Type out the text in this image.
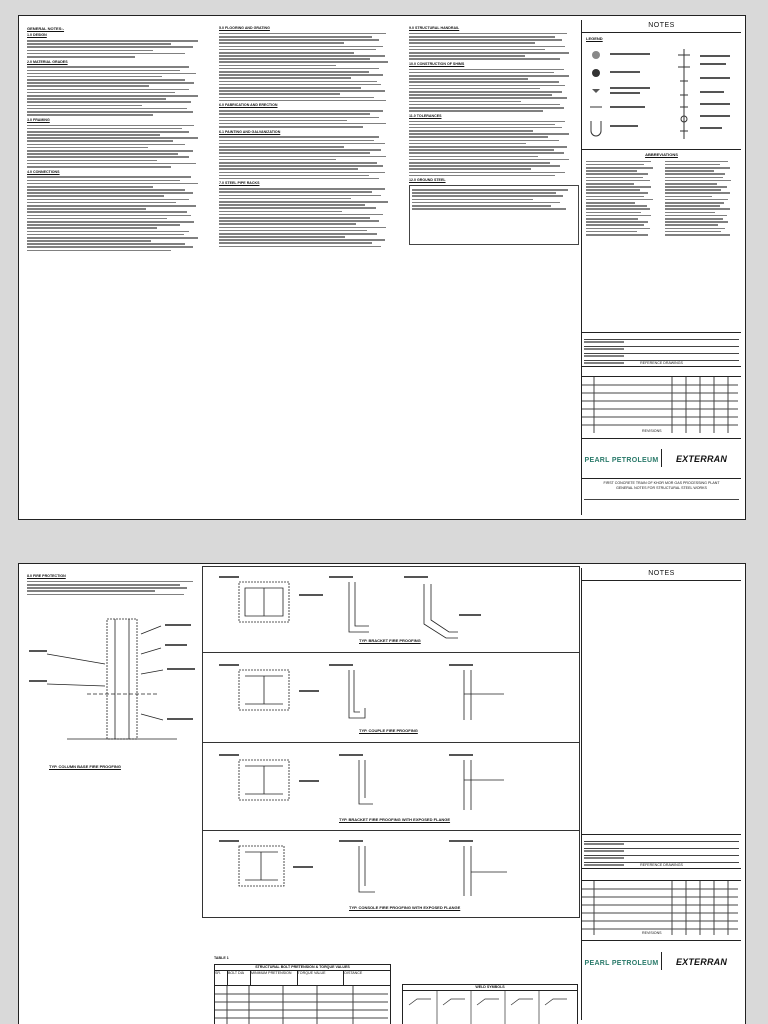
GENERAL NOTES:-
1.0 DESIGN
2.0 MATERIAL GRADES
3.0 FRAMING
4.0 CONNECTIONS
5.0 FLOORING AND GRATING
6.0 FABRICATION AND ERECTION
6.1 PAINTING AND GALVANIZATION
7.0 STEEL PIPE RACKS
9.0 STRUCTURAL HANDRAIL
10.0 CONSTRUCTION OF SHIMS
11.0 TOLERANCES
12.0 GROUND STEEL
NOTES
LEGEND
ABBREVIATIONS
REFERENCE DRAWINGS
REVISIONS
PEARL PETROLEUM	EXTERRAN
FIRST CONCRETE TRAIN OF KHOR MOR GAS PROCESSING PLANT
GENERAL NOTES FOR STRUCTURAL STEEL WORKS
8.0 FIRE PROTECTION
TYP. COLUMN BASE FIRE PROOFING
TYP. BRACKET FIRE PROOFING
TYP. COUPLE FIRE PROOFING
TYP. BRACKET FIRE PROOFING WITH EXPOSED FLANGE
TYP. CONSOLE FIRE PROOFING WITH EXPOSED FLANGE
TABLE 1
STRUCTURAL BOLT PRETENSION & TORQUE VALUES
SR.	BOLT DIA	MINIMUM PRETENSION	TORQUE VALUE	DISTANCE
WELD SYMBOLS
NOTES
REFERENCE DRAWINGS
REVISIONS
PEARL PETROLEUM	EXTERRAN
